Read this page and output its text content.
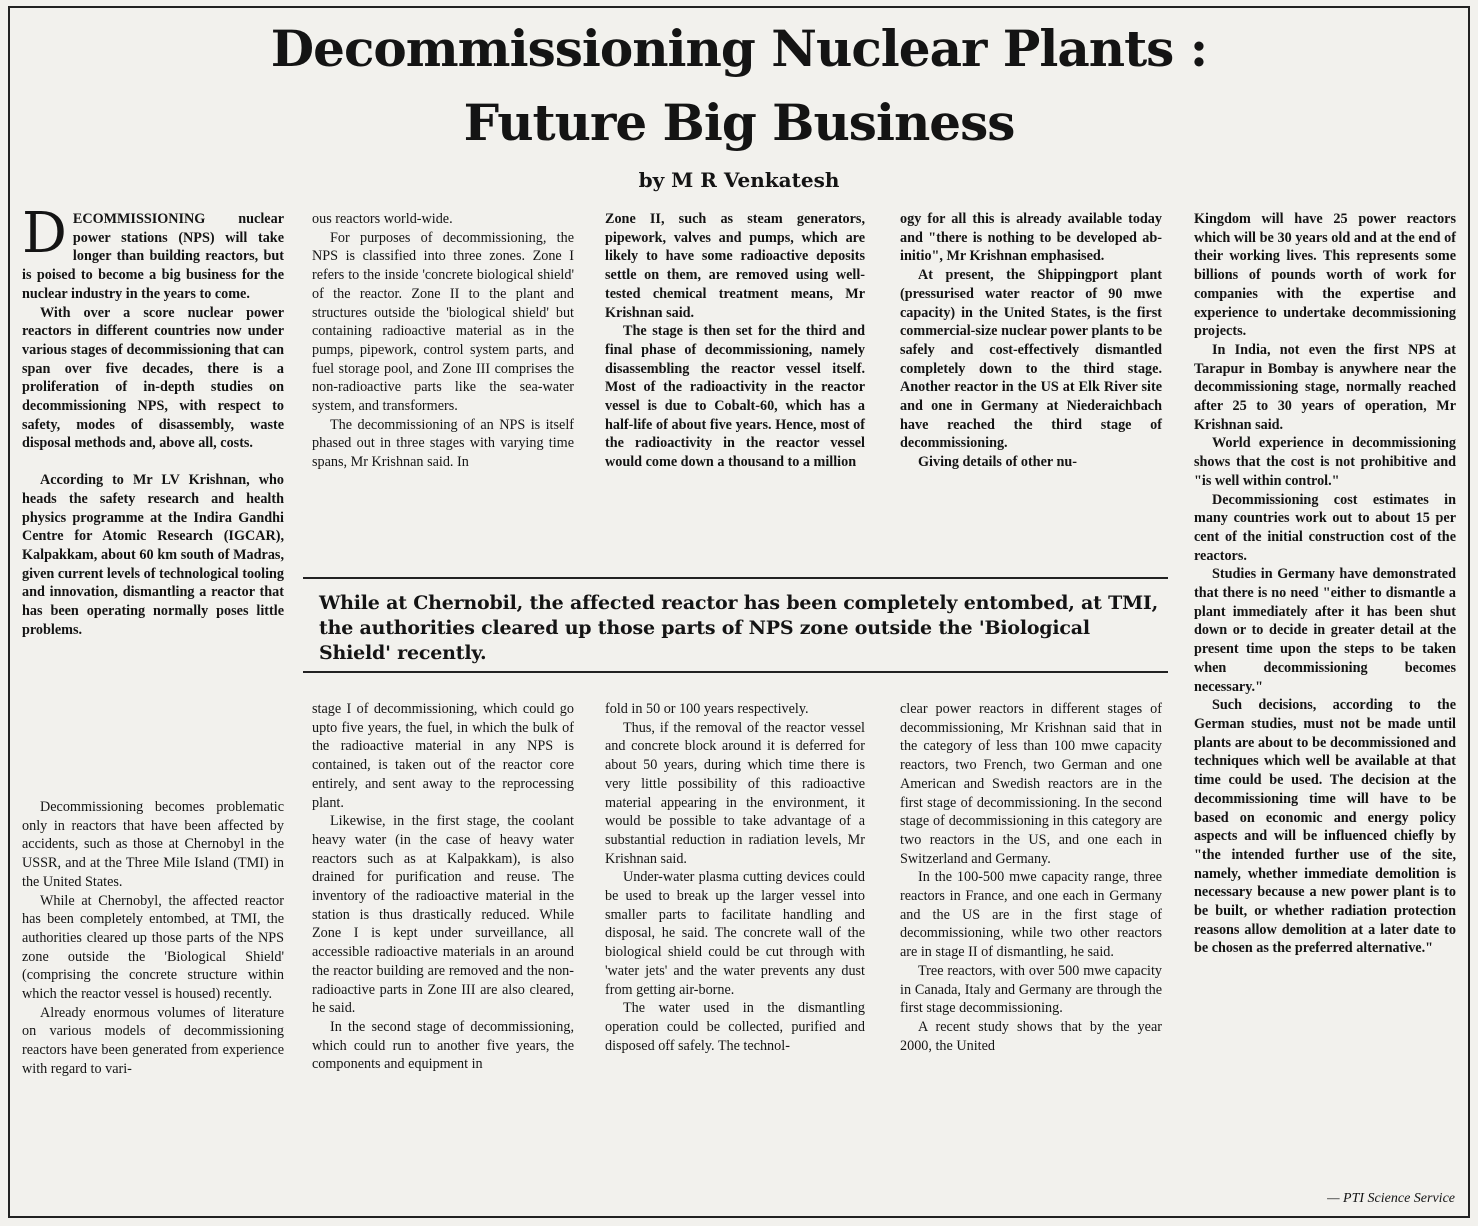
Decommissioning Nuclear Plants :
Future Big Business
by M R Venkatesh

DECOMMISSIONING nuclear power stations (NPS) will take longer than building reactors, but is poised to become a big business for the nuclear industry in the years to come.

With over a score nuclear power reactors in different countries now under various stages of decommissioning that can span over five decades, there is a proliferation of in-depth studies on decommissioning NPS, with respect to safety, modes of disassembly, waste disposal methods and, above all, costs.

According to Mr LV Krishnan, who heads the safety research and health physics programme at the Indira Gandhi Centre for Atomic Research (IGCAR), Kalpakkam, about 60 km south of Madras, given current levels of technological tooling and innovation, dismantling a reactor that has been operating normally poses little problems.

Decommissioning becomes problematic only in reactors that have been affected by accidents, such as those at Chernobyl in the USSR, and at the Three Mile Island (TMI) in the United States.

While at Chernobyl, the affected reactor has been completely entombed, at TMI, the authorities cleared up those parts of the NPS zone outside the 'Biological Shield' (comprising the concrete structure within which the reactor vessel is housed) recently.

Already enormous volumes of literature on various models of decommissioning reactors have been generated from experience with regard to vari-

ous reactors world-wide.

For purposes of decommissioning, the NPS is classified into three zones. Zone I refers to the inside 'concrete biological shield' of the reactor. Zone II to the plant and structures outside the 'biological shield' but containing radioactive material as in the pumps, pipework, control system parts, and fuel storage pool, and Zone III comprises the non-radioactive parts like the sea-water system, and transformers.

The decommissioning of an NPS is itself phased out in three stages with varying time spans, Mr Krishnan said. In

stage I of decommissioning, which could go upto five years, the fuel, in which the bulk of the radioactive material in any NPS is contained, is taken out of the reactor core entirely, and sent away to the reprocessing plant.

Likewise, in the first stage, the coolant heavy water (in the case of heavy water reactors such as at Kalpakkam), is also drained for purification and reuse. The inventory of the radioactive material in the station is thus drastically reduced. While Zone I is kept under surveillance, all accessible radioactive materials in an around the reactor building are removed and the non-radioactive parts in Zone III are also cleared, he said.

In the second stage of decommissioning, which could run to another five years, the components and equipment in

Zone II, such as steam generators, pipework, valves and pumps, which are likely to have some radioactive deposits settle on them, are removed using well-tested chemical treatment means, Mr Krishnan said.

The stage is then set for the third and final phase of decommissioning, namely disassembling the reactor vessel itself. Most of the radioactivity in the reactor vessel is due to Cobalt-60, which has a half-life of about five years. Hence, most of the radioactivity in the reactor vessel would come down a thousand to a million

fold in 50 or 100 years respectively.

Thus, if the removal of the reactor vessel and concrete block around it is deferred for about 50 years, during which time there is very little possibility of this radioactive material appearing in the environment, it would be possible to take advantage of a substantial reduction in radiation levels, Mr Krishnan said.

Under-water plasma cutting devices could be used to break up the larger vessel into smaller parts to facilitate handling and disposal, he said. The concrete wall of the biological shield could be cut through with 'water jets' and the water prevents any dust from getting air-borne.

The water used in the dismantling operation could be collected, purified and disposed off safely. The technol-

ogy for all this is already available today and "there is nothing to be developed ab-initio", Mr Krishnan emphasised.

At present, the Shippingport plant (pressurised water reactor of 90 mwe capacity) in the United States, is the first commercial-size nuclear power plants to be safely and cost-effectively dismantled completely down to the third stage. Another reactor in the US at Elk River site and one in Germany at Niederaichbach have reached the third stage of decommissioning.

Giving details of other nu-

clear power reactors in different stages of decommissioning, Mr Krishnan said that in the category of less than 100 mwe capacity reactors, two French, two German and one American and Swedish reactors are in the first stage of decommissioning. In the second stage of decommissioning in this category are two reactors in the US, and one each in Switzerland and Germany.

In the 100-500 mwe capacity range, three reactors in France, and one each in Germany and the US are in the first stage of decommissioning, while two other reactors are in stage II of dismantling, he said.

Tree reactors, with over 500 mwe capacity in Canada, Italy and Germany are through the first stage decommissioning.

A recent study shows that by the year 2000, the United

Kingdom will have 25 power reactors which will be 30 years old and at the end of their working lives. This represents some billions of pounds worth of work for companies with the expertise and experience to undertake decommissioning projects.

In India, not even the first NPS at Tarapur in Bombay is anywhere near the decommissioning stage, normally reached after 25 to 30 years of operation, Mr Krishnan said.

World experience in decommissioning shows that the cost is not prohibitive and "is well within control."

Decommissioning cost estimates in many countries work out to about 15 per cent of the initial construction cost of the reactors.

Studies in Germany have demonstrated that there is no need "either to dismantle a plant immediately after it has been shut down or to decide in greater detail at the present time upon the steps to be taken when decommissioning becomes necessary."

Such decisions, according to the German studies, must not be made until plants are about to be decommissioned and techniques which well be available at that time could be used. The decision at the decommissioning time will have to be based on economic and energy policy aspects and will be influenced chiefly by "the intended further use of the site, namely, whether immediate demolition is necessary because a new power plant is to be built, or whether radiation protection reasons allow demolition at a later date to be chosen as the preferred alternative."

While at Chernobil, the affected reactor has been completely entombed, at TMI, the authorities cleared up those parts of NPS zone outside the 'Biological Shield' recently.

— PTI Science Service
